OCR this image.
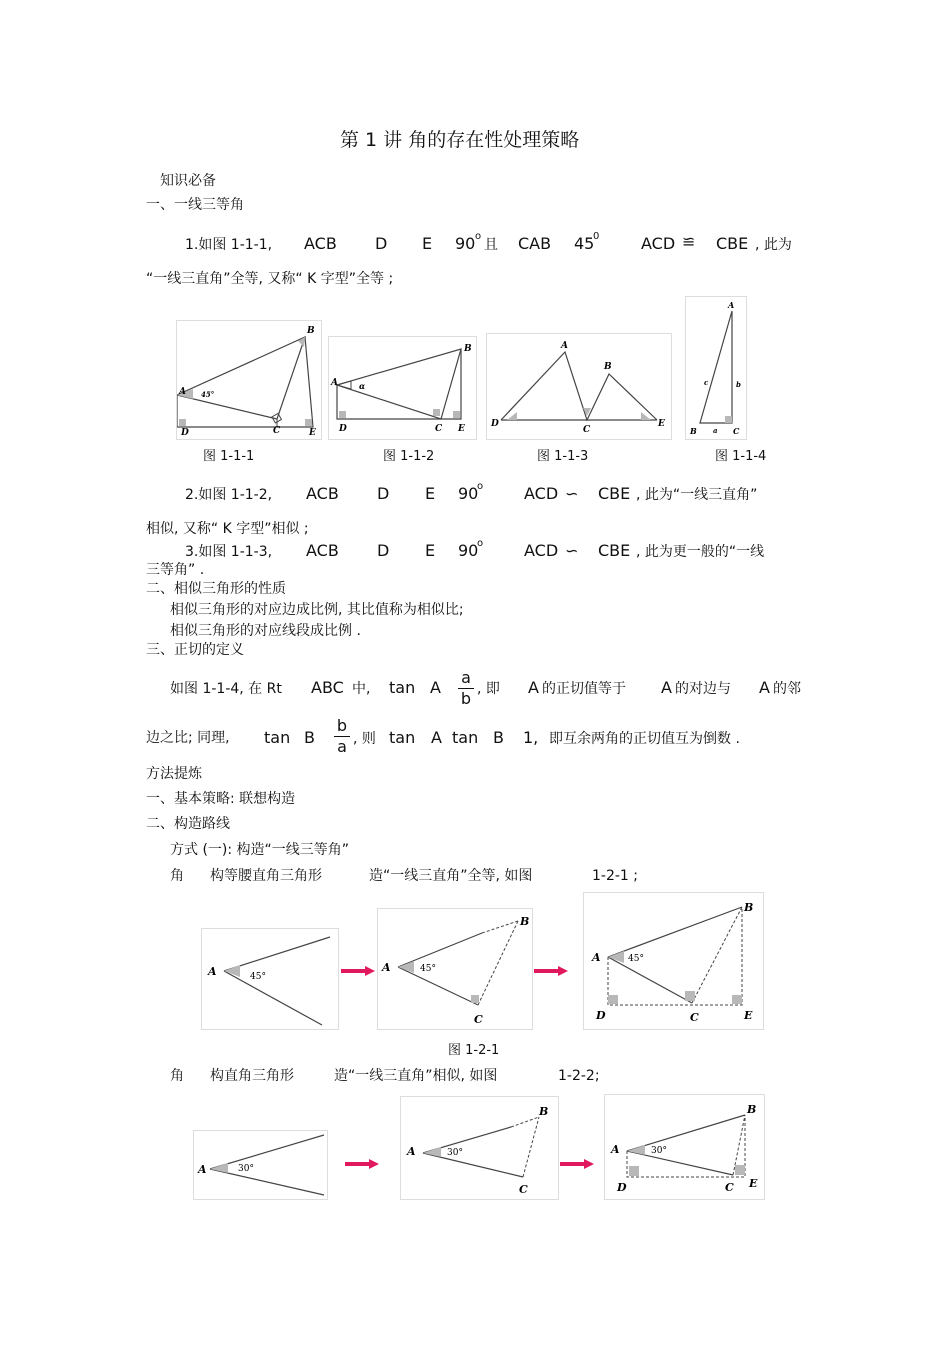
第 1 讲 角的存在性处理策略
知识必备
一、一线三等角
1.如图 1-1-1, ACB D E 90 o
且 CAB 45
0	ACD ≌ CBE , 此为
“一线三直角”全等, 又称“ K 字型”全等 ;
A
B
C
D	E
45°
A
B
C
D	E
α
A
B
C
D	E
A
B	C
c	b
a
图 1-1-1	图 1-1-2	图 1-1-3	图 1-1-4
2.如图 1-1-2, ACB D E 90
o	ACD ∽ CBE , 此为“一线三直角”
相似, 又称“ K 字型”相似 ;
3.如图 1-1-3, ACB D E 90
o	ACD ∽ CBE , 此为更一般的“一线
三等角” .
二、相似三角形的性质
相似三角形的对应边成比例, 其比值称为相似比;
相似三角形的对应线段成比例 .
三、正切的定义
如图 1-1-4, 在 Rt ABC 中, tan A
a
b , 即 A 的正切值等于 A 的对边与 A 的邻
边之比; 同理, tan B
b
a , 则 tan A tan B 1, 即互余两角的正切值互为倒数 .
方法提炼
一、基本策略: 联想构造
二、构造路线
方式 (一): 构造“一线三等角”
角 构等腰直角三角形	造“一线三直角”全等, 如图	1-2-1 ;
A	45°
A
B
C
45°
A
B
C
D	E
45°
图 1-2-1
角 构直角三角形	造“一线三直角”相似, 如图	1-2-2;
A	30°
A
B
C
30°	A
B
C
D	E
30°
